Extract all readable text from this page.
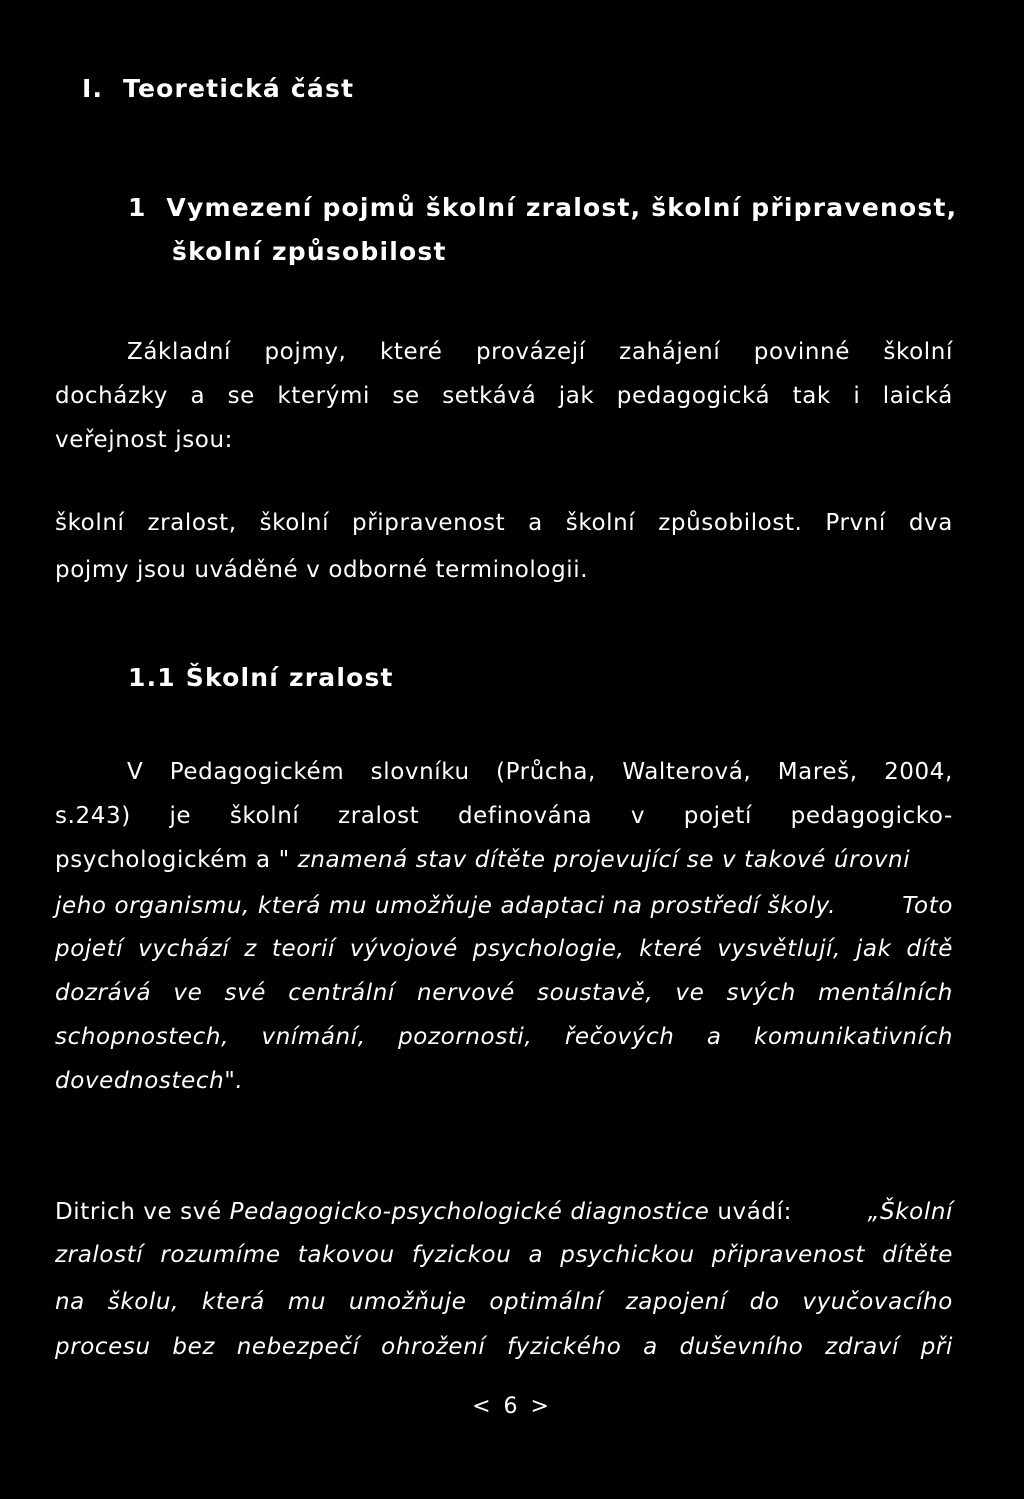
I. Teoretická část
1 Vymezení pojmů školní zralost, školní připravenost,
školní způsobilost
Základní pojmy, které provázejí zahájení povinné školní
docházky a se kterými se setkává jak pedagogická tak i laická
veřejnost jsou:
školní zralost, školní připravenost a školní způsobilost. První dva
pojmy jsou uváděné v odborné terminologii.
1.1 Školní zralost
V Pedagogickém slovníku (Průcha, Walterová, Mareš, 2004,
s.243) je školní zralost definována v pojetí pedagogicko-
psychologickém a " znamená stav dítěte projevující se v takové úrovni
jeho organismu, která mu umožňuje adaptaci na prostředí školy.	Toto
pojetí vychází z teorií vývojové psychologie, které vysvětlují, jak dítě
dozrává ve své centrální nervové soustavě, ve svých mentálních
schopnostech, vnímání, pozornosti, řečových a komunikativních
dovednostech".
Ditrich ve své Pedagogicko-psychologické diagnostice uvádí:	„Školní
zralostí rozumíme takovou fyzickou a psychickou připravenost dítěte
na školu, která mu umožňuje optimální zapojení do vyučovacího
procesu bez nebezpečí ohrožení fyzického a duševního zdraví při
< 6 >
